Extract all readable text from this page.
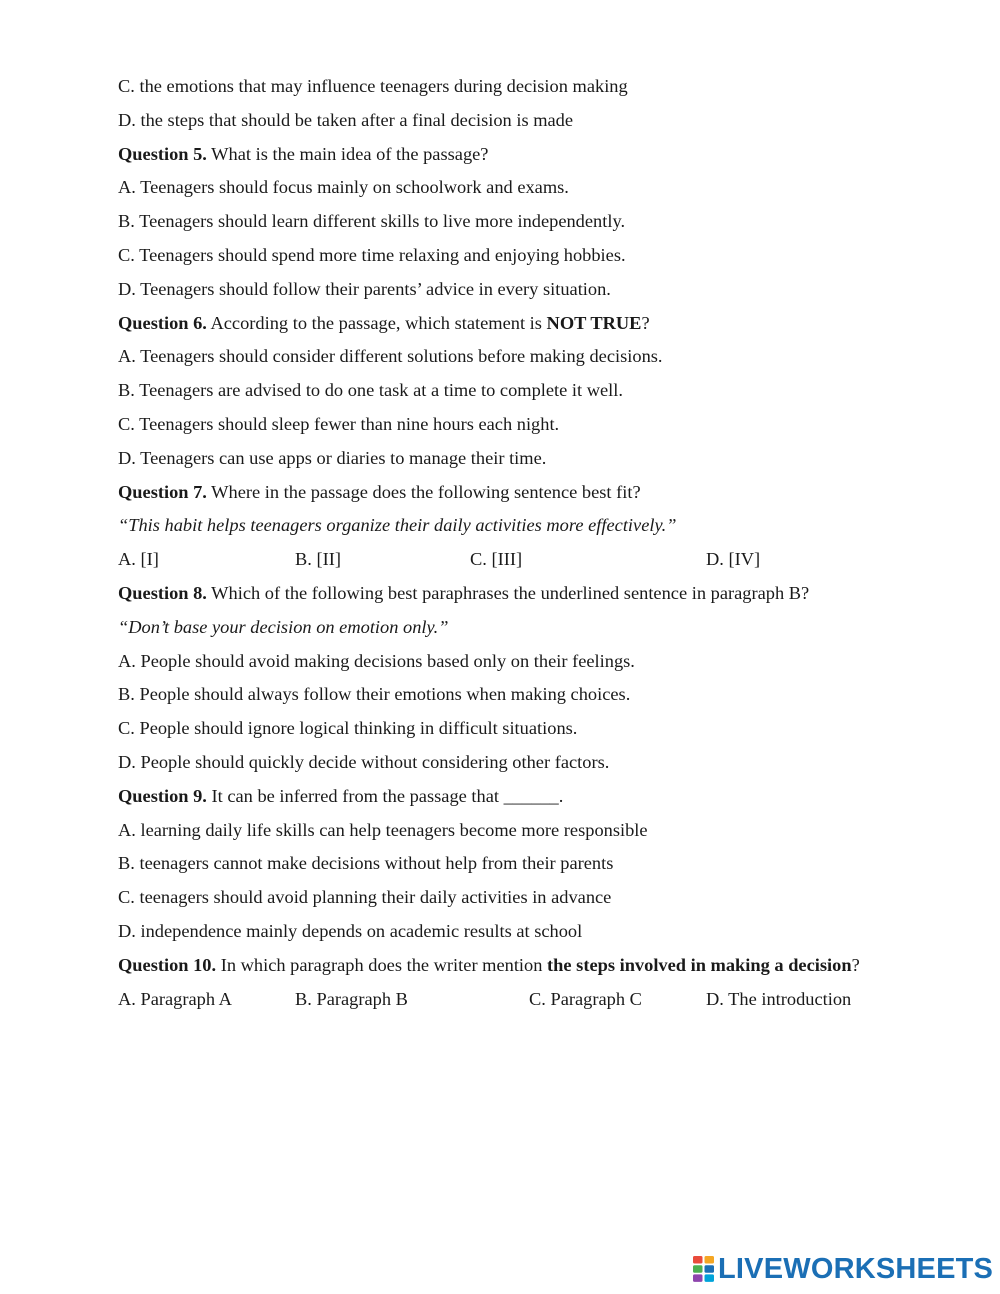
C. the emotions that may influence teenagers during decision making
D. the steps that should be taken after a final decision is made
Question 5. What is the main idea of the passage?
A. Teenagers should focus mainly on schoolwork and exams.
B. Teenagers should learn different skills to live more independently.
C. Teenagers should spend more time relaxing and enjoying hobbies.
D. Teenagers should follow their parents’ advice in every situation.
Question 6. According to the passage, which statement is NOT TRUE?
A. Teenagers should consider different solutions before making decisions.
B. Teenagers are advised to do one task at a time to complete it well.
C. Teenagers should sleep fewer than nine hours each night.
D. Teenagers can use apps or diaries to manage their time.
Question 7. Where in the passage does the following sentence best fit?
“This habit helps teenagers organize their daily activities more effectively.”
A. [I]	B. [II]	C. [III]	D. [IV]
Question 8. Which of the following best paraphrases the underlined sentence in paragraph B?
“Don’t base your decision on emotion only.”
A. People should avoid making decisions based only on their feelings.
B. People should always follow their emotions when making choices.
C. People should ignore logical thinking in difficult situations.
D. People should quickly decide without considering other factors.
Question 9. It can be inferred from the passage that ______.
A. learning daily life skills can help teenagers become more responsible
B. teenagers cannot make decisions without help from their parents
C. teenagers should avoid planning their daily activities in advance
D. independence mainly depends on academic results at school
Question 10. In which paragraph does the writer mention the steps involved in making a decision?
A. Paragraph A	B. Paragraph B	C. Paragraph C	D. The introduction
LIVEWORKSHEETS
